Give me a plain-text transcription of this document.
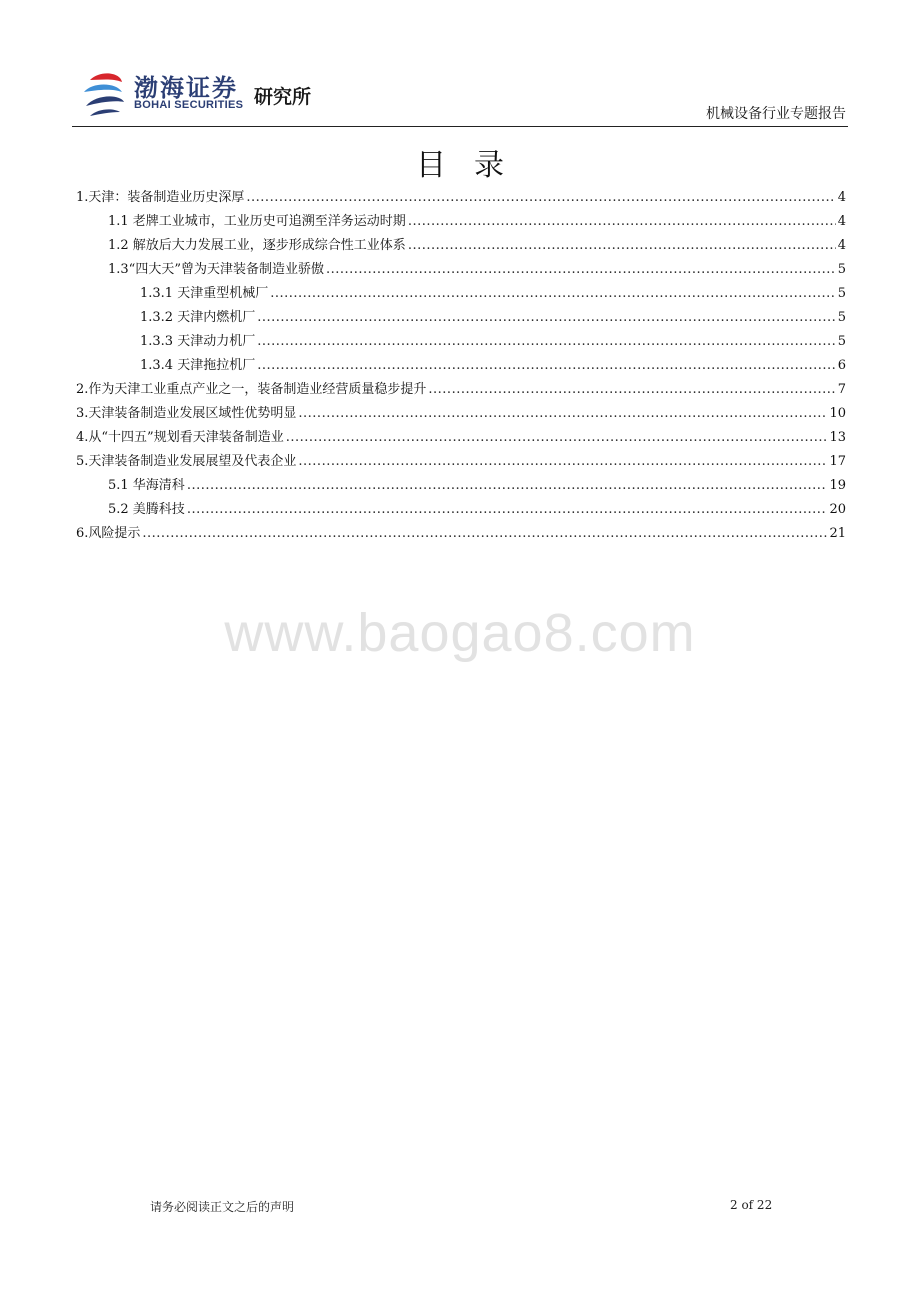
渤海证券
BOHAI SECURITIES 研究所
机械设备行业专题报告
目录
1.天津：装备制造业历史深厚 .....	4
1.1 老牌工业城市，工业历史可追溯至洋务运动时期 .....	4
1.2 解放后大力发展工业，逐步形成综合性工业体系 .....	4
1.3“四大天”曾为天津装备制造业骄傲 .....	5
1.3.1 天津重型机械厂 .....	5
1.3.2 天津内燃机厂 .....	5
1.3.3 天津动力机厂 .....	5
1.3.4 天津拖拉机厂 .....	6
2.作为天津工业重点产业之一，装备制造业经营质量稳步提升 .....	7
3.天津装备制造业发展区域性优势明显 .....	10
4.从“十四五”规划看天津装备制造业 .....	13
5.天津装备制造业发展展望及代表企业 .....	17
5.1 华海清科 .....	19
5.2 美腾科技 .....	20
6.风险提示 .....	21
www.baogao8.com
请务必阅读正文之后的声明	2 of 22
